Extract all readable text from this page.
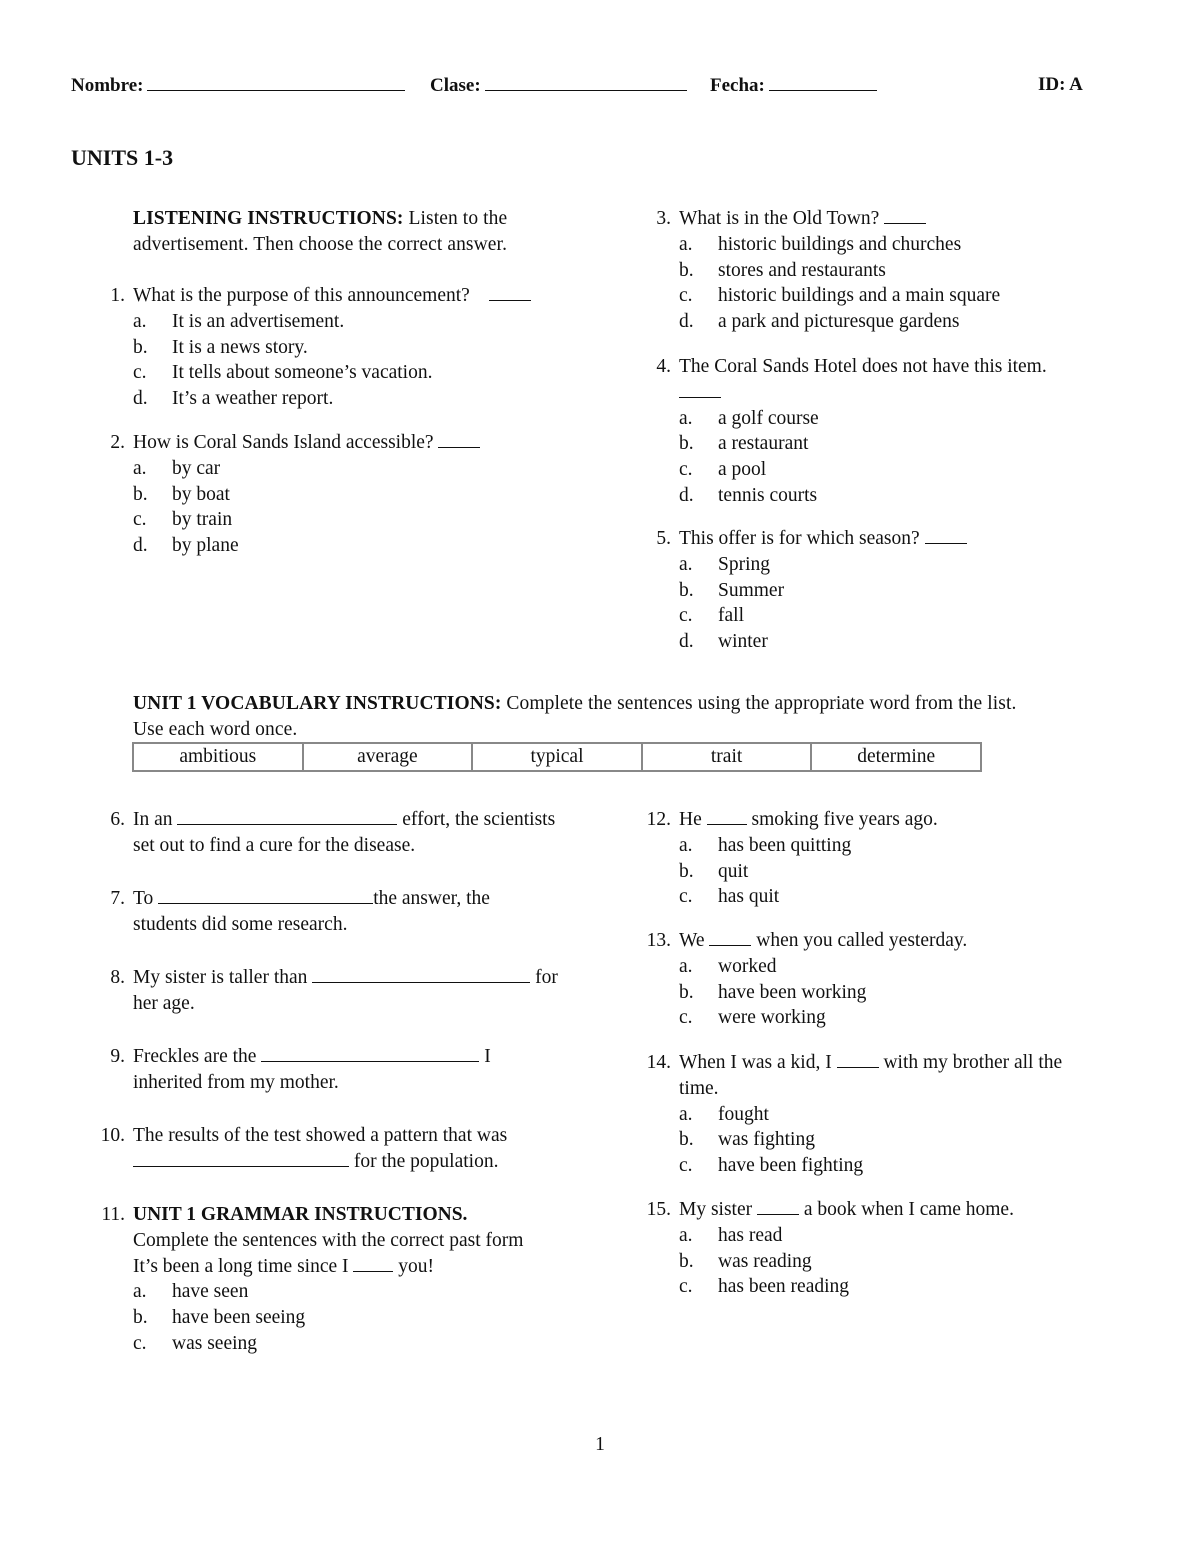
Nombre:	Clase:	Fecha:	ID: A
UNITS 1-3
LISTENING INSTRUCTIONS: Listen to the
advertisement. Then choose the correct answer.
1. What is the purpose of this announcement?
a. It is an advertisement.
b. It is a news story.
c. It tells about someone’s vacation.
d. It’s a weather report.
2. How is Coral Sands Island accessible?
a. by car
b. by boat
c. by train
d. by plane
3. What is in the Old Town?
a. historic buildings and churches
b. stores and restaurants
c. historic buildings and a main square
d. a park and picturesque gardens
4. The Coral Sands Hotel does not have this item.
a. a golf course
b. a restaurant
c. a pool
d. tennis courts
5. This offer is for which season?
a. Spring
b. Summer
c. fall
d. winter
UNIT 1 VOCABULARY INSTRUCTIONS: Complete the sentences using the appropriate word from the list.
Use each word once.
ambitious	average	typical	trait	determine
6. In an	effort, the scientists
set out to find a cure for the disease.
7. To	the answer, the
students did some research.
8. My sister is taller than	for
her age.
9. Freckles are the	I
inherited from my mother.
10. The results of the test showed a pattern that was
for the population.
11. UNIT 1 GRAMMAR INSTRUCTIONS.
Complete the sentences with the correct past form
It’s been a long time since I  you!
a. have seen
b. have been seeing
c. was seeing
12. He  smoking five years ago.
a. has been quitting
b. quit
c. has quit
13. We  when you called yesterday.
a. worked
b. have been working
c. were working
14. When I was a kid, I  with my brother all the
time.
a. fought
b. was fighting
c. have been fighting
15. My sister  a book when I came home.
a. has read
b. was reading
c. has been reading
1
